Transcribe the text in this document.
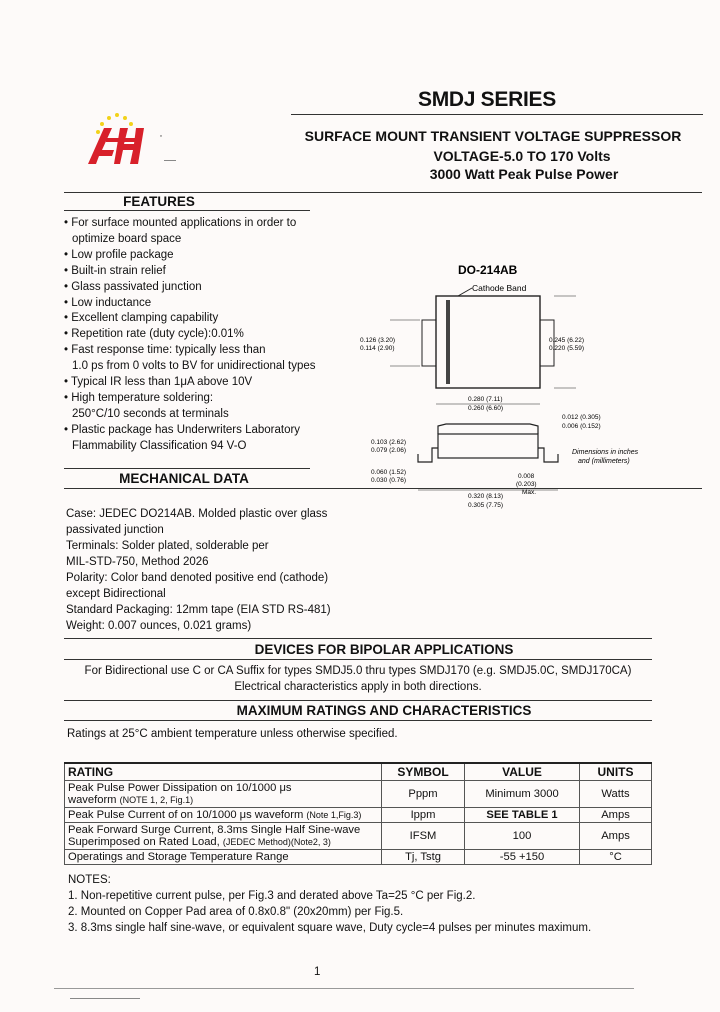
*
SMDJ SERIES
SURFACE MOUNT TRANSIENT VOLTAGE SUPPRESSOR
VOLTAGE-5.0 TO 170 Volts
3000 Watt Peak Pulse Power
FEATURES
• For surface mounted applications in order to
optimize board space
• Low profile package
• Built-in strain relief
• Glass passivated junction
• Low inductance
• Excellent clamping capability
• Repetition rate (duty cycle):0.01%
• Fast response time: typically less than
1.0 ps from 0 volts to BV for unidirectional types
• Typical IR less than 1μA above 10V
• High temperature soldering:
250°C/10 seconds at terminals
• Plastic package has Underwriters Laboratory
Flammability Classification 94 V-O
DO-214AB
Cathode Band
0.126 (3.20)
0.114 (2.90)
0.245 (6.22)
0.220 (5.59)
0.280 (7.11)
0.260 (6.60)
0.012 (0.305)
0.006 (0.152)
0.103 (2.62)
0.079 (2.06)
0.060 (1.52)
0.030 (0.76)
0.008
(0.203)
Max.
0.320 (8.13)
0.305 (7.75)
Dimensions in inches
and (millimeters)
MECHANICAL DATA
Case: JEDEC DO214AB. Molded plastic over glass
passivated junction
Terminals: Solder plated, solderable per
MIL-STD-750, Method 2026
Polarity: Color band denoted positive end (cathode)
except Bidirectional
Standard Packaging: 12mm tape (EIA STD RS-481)
Weight: 0.007 ounces, 0.021 grams)
DEVICES FOR BIPOLAR APPLICATIONS
For Bidirectional use C or CA Suffix for types SMDJ5.0 thru types SMDJ170 (e.g. SMDJ5.0C, SMDJ170CA)
Electrical characteristics apply in both directions.
MAXIMUM RATINGS AND CHARACTERISTICS
Ratings at 25°C ambient temperature unless otherwise specified.
RATING	SYMBOL	VALUE	UNITS
Peak Pulse Power Dissipation on 10/1000 μs
waveform (NOTE 1, 2, Fig.1)	Pppm	Minimum 3000	Watts
Peak Pulse Current of on 10/1000 μs waveform (Note 1,Fig.3)	Ippm	SEE TABLE 1	Amps
Peak Forward Surge Current, 8.3ms Single Half Sine-wave
Superimposed on Rated Load, (JEDEC Method)(Note2, 3)	IFSM	100	Amps
Operatings and Storage Temperature Range	Tj, Tstg	-55 +150	°C
NOTES:
1. Non-repetitive current pulse, per Fig.3 and derated above Ta=25 °C per Fig.2.
2. Mounted on Copper Pad area of 0.8x0.8" (20x20mm) per Fig.5.
3. 8.3ms single half sine-wave, or equivalent square wave, Duty cycle=4 pulses per minutes maximum.
1
